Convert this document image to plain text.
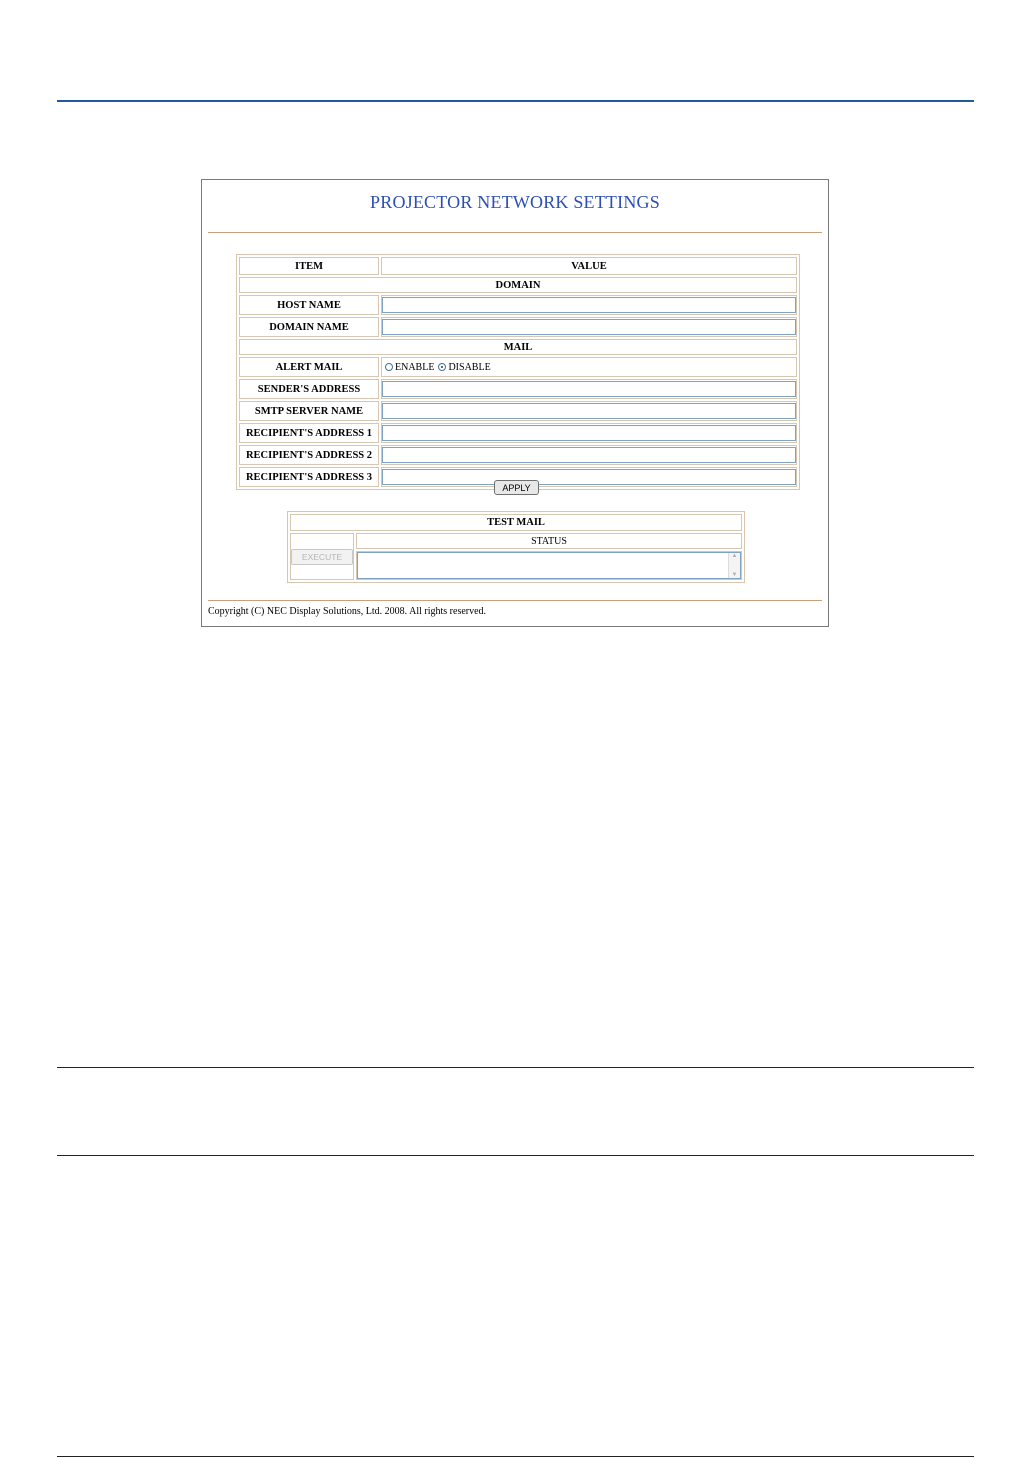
PROJECTOR NETWORK SETTINGS
ITEM	VALUE
DOMAIN	
HOST NAME	

DOMAIN NAME	

MAIL	
ALERT MAIL	ENABLE DISABLE

SENDER'S ADDRESS	

SMTP SERVER NAME	

RECIPIENT'S ADDRESS 1	

RECIPIENT'S ADDRESS 2	

RECIPIENT'S ADDRESS 3	
APPLY
TEST MAIL

EXECUTE
	STATUS

▲
▼
Copyright (C) NEC Display Solutions, Ltd. 2008. All rights reserved.
